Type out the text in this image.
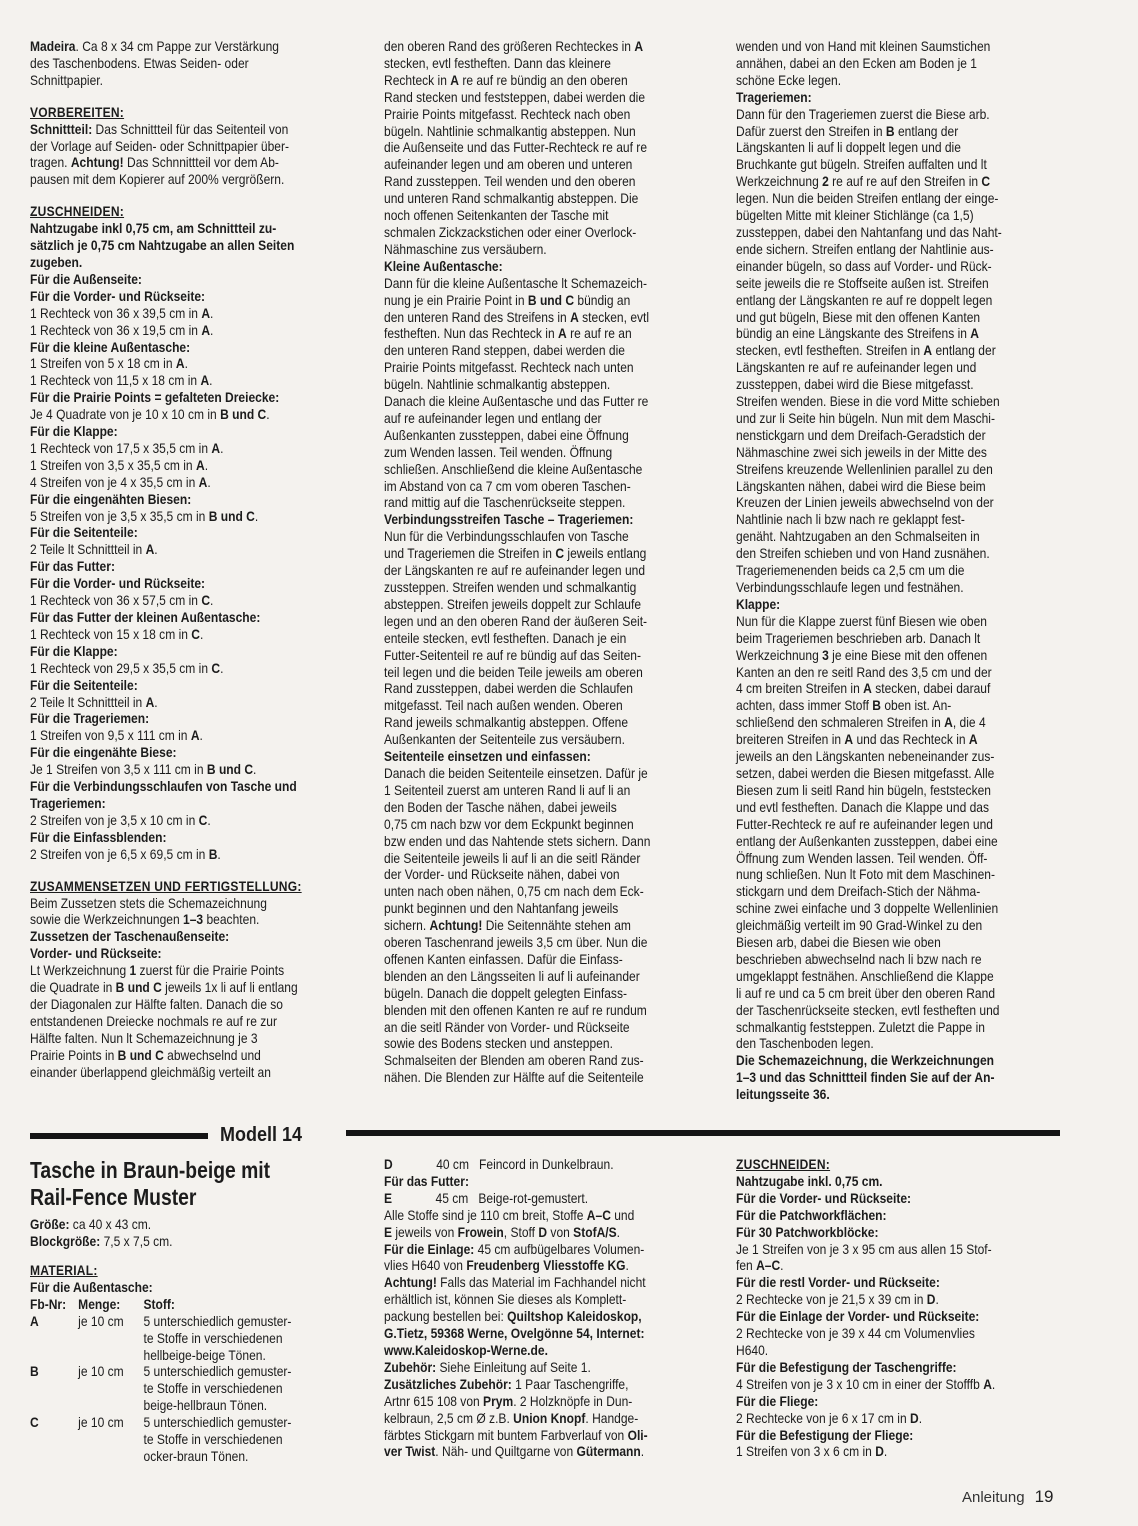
Madeira. Ca 8 x 34 cm Pappe zur Verstärkung

des Taschenbodens. Etwas Seiden- oder

Schnittpapier.

VORBEREITEN:

Schnittteil: Das Schnittteil für das Seitenteil von

der Vorlage auf Seiden- oder Schnittpapier über-

tragen. Achtung! Das Schnnittteil vor dem Ab-

pausen mit dem Kopierer auf 200% vergrößern.

ZUSCHNEIDEN:

Nahtzugabe inkl 0,75 cm, am Schnittteil zu-

sätzlich je 0,75 cm Nahtzugabe an allen Seiten

zugeben.

Für die Außenseite:

Für die Vorder- und Rückseite:

1 Rechteck von 36 x 39,5 cm in A.

1 Rechteck von 36 x 19,5 cm in A.

Für die kleine Außentasche:

1 Streifen von 5 x 18 cm in A.

1 Rechteck von 11,5 x 18 cm in A.

Für die Prairie Points = gefalteten Dreiecke:

Je 4 Quadrate von je 10 x 10 cm in B und C.

Für die Klappe:

1 Rechteck von 17,5 x 35,5 cm in A.

1 Streifen von 3,5 x 35,5 cm in A.

4 Streifen von je 4 x 35,5 cm in A.

Für die eingenähten Biesen:

5 Streifen von je 3,5 x 35,5 cm in B und C.

Für die Seitenteile:

2 Teile lt Schnittteil in A.

Für das Futter:

Für die Vorder- und Rückseite:

1 Rechteck von 36 x 57,5 cm in C.

Für das Futter der kleinen Außentasche:

1 Rechteck von 15 x 18 cm in C.

Für die Klappe:

1 Rechteck von 29,5 x 35,5 cm in C.

Für die Seitenteile:

2 Teile lt Schnittteil in A.

Für die Trageriemen:

1 Streifen von 9,5 x 111 cm in A.

Für die eingenähte Biese:

Je 1 Streifen von 3,5 x 111 cm in B und C.

Für die Verbindungsschlaufen von Tasche und

Trageriemen:

2 Streifen von je 3,5 x 10 cm in C.

Für die Einfassblenden:

2 Streifen von je 6,5 x 69,5 cm in B.

ZUSAMMENSETZEN UND FERTIGSTELLUNG:

Beim Zussetzen stets die Schemazeichnung

sowie die Werkzeichnungen 1–3 beachten.

Zussetzen der Taschenaußenseite:

Vorder- und Rückseite:

Lt Werkzeichnung 1 zuerst für die Prairie Points

die Quadrate in B und C jeweils 1x li auf li entlang

der Diagonalen zur Hälfte falten. Danach die so

entstandenen Dreiecke nochmals re auf re zur

Hälfte falten. Nun lt Schemazeichnung je 3

Prairie Points in B und C abwechselnd und

einander überlappend gleichmäßig verteilt an

den oberen Rand des größeren Rechteckes in A

stecken, evtl festheften. Dann das kleinere

Rechteck in A re auf re bündig an den oberen

Rand stecken und feststeppen, dabei werden die

Prairie Points mitgefasst. Rechteck nach oben

bügeln. Nahtlinie schmalkantig absteppen. Nun

die Außenseite und das Futter-Rechteck re auf re

aufeinander legen und am oberen und unteren

Rand zussteppen. Teil wenden und den oberen

und unteren Rand schmalkantig absteppen. Die

noch offenen Seitenkanten der Tasche mit

schmalen Zickzackstichen oder einer Overlock-

Nähmaschine zus versäubern.

Kleine Außentasche:

Dann für die kleine Außentasche lt Schemazeich-

nung je ein Prairie Point in B und C bündig an

den unteren Rand des Streifens in A stecken, evtl

festheften. Nun das Rechteck in A re auf re an

den unteren Rand steppen, dabei werden die

Prairie Points mitgefasst. Rechteck nach unten

bügeln. Nahtlinie schmalkantig absteppen.

Danach die kleine Außentasche und das Futter re

auf re aufeinander legen und entlang der

Außenkanten zussteppen, dabei eine Öffnung

zum Wenden lassen. Teil wenden. Öffnung

schließen. Anschließend die kleine Außentasche

im Abstand von ca 7 cm vom oberen Taschen-

rand mittig auf die Taschenrückseite steppen.

Verbindungsstreifen Tasche – Trageriemen:

Nun für die Verbindungsschlaufen von Tasche

und Trageriemen die Streifen in C jeweils entlang

der Längskanten re auf re aufeinander legen und

zussteppen. Streifen wenden und schmalkantig

absteppen. Streifen jeweils doppelt zur Schlaufe

legen und an den oberen Rand der äußeren Seit-

enteile stecken, evtl festheften. Danach je ein

Futter-Seitenteil re auf re bündig auf das Seiten-

teil legen und die beiden Teile jeweils am oberen

Rand zussteppen, dabei werden die Schlaufen

mitgefasst. Teil nach außen wenden. Oberen

Rand jeweils schmalkantig absteppen. Offene

Außenkanten der Seitenteile zus versäubern.

Seitenteile einsetzen und einfassen:

Danach die beiden Seitenteile einsetzen. Dafür je

1 Seitenteil zuerst am unteren Rand li auf li an

den Boden der Tasche nähen, dabei jeweils

0,75 cm nach bzw vor dem Eckpunkt beginnen

bzw enden und das Nahtende stets sichern. Dann

die Seitenteile jeweils li auf li an die seitl Ränder

der Vorder- und Rückseite nähen, dabei von

unten nach oben nähen, 0,75 cm nach dem Eck-

punkt beginnen und den Nahtanfang jeweils

sichern. Achtung! Die Seitennähte stehen am

oberen Taschenrand jeweils 3,5 cm über. Nun die

offenen Kanten einfassen. Dafür die Einfass-

blenden an den Längsseiten li auf li aufeinander

bügeln. Danach die doppelt gelegten Einfass-

blenden mit den offenen Kanten re auf re rundum

an die seitl Ränder von Vorder- und Rückseite

sowie des Bodens stecken und ansteppen.

Schmalseiten der Blenden am oberen Rand zus-

nähen. Die Blenden zur Hälfte auf die Seitenteile

wenden und von Hand mit kleinen Saumstichen

annähen, dabei an den Ecken am Boden je 1

schöne Ecke legen.

Trageriemen:

Dann für den Trageriemen zuerst die Biese arb.

Dafür zuerst den Streifen in B entlang der

Längskanten li auf li doppelt legen und die

Bruchkante gut bügeln. Streifen auffalten und lt

Werkzeichnung 2 re auf re auf den Streifen in C

legen. Nun die beiden Streifen entlang der einge-

bügelten Mitte mit kleiner Stichlänge (ca 1,5)

zussteppen, dabei den Nahtanfang und das Naht-

ende sichern. Streifen entlang der Nahtlinie aus-

einander bügeln, so dass auf Vorder- und Rück-

seite jeweils die re Stoffseite außen ist. Streifen

entlang der Längskanten re auf re doppelt legen

und gut bügeln, Biese mit den offenen Kanten

bündig an eine Längskante des Streifens in A

stecken, evtl festheften. Streifen in A entlang der

Längskanten re auf re aufeinander legen und

zussteppen, dabei wird die Biese mitgefasst.

Streifen wenden. Biese in die vord Mitte schieben

und zur li Seite hin bügeln. Nun mit dem Maschi-

nenstickgarn und dem Dreifach-Geradstich der

Nähmaschine zwei sich jeweils in der Mitte des

Streifens kreuzende Wellenlinien parallel zu den

Längskanten nähen, dabei wird die Biese beim

Kreuzen der Linien jeweils abwechselnd von der

Nahtlinie nach li bzw nach re geklappt fest-

genäht. Nahtzugaben an den Schmalseiten in

den Streifen schieben und von Hand zusnähen.

Trageriemenenden beids ca 2,5 cm um die

Verbindungsschlaufe legen und festnähen.

Klappe:

Nun für die Klappe zuerst fünf Biesen wie oben

beim Trageriemen beschrieben arb. Danach lt

Werkzeichnung 3 je eine Biese mit den offenen

Kanten an den re seitl Rand des 3,5 cm und der

4 cm breiten Streifen in A stecken, dabei darauf

achten, dass immer Stoff B oben ist. An-

schließend den schmaleren Streifen in A, die 4

breiteren Streifen in A und das Rechteck in A

jeweils an den Längskanten nebeneinander zus-

setzen, dabei werden die Biesen mitgefasst. Alle

Biesen zum li seitl Rand hin bügeln, feststecken

und evtl festheften. Danach die Klappe und das

Futter-Rechteck re auf re aufeinander legen und

entlang der Außenkanten zussteppen, dabei eine

Öffnung zum Wenden lassen. Teil wenden. Öff-

nung schließen. Nun lt Foto mit dem Maschinen-

stickgarn und dem Dreifach-Stich der Nähma-

schine zwei einfache und 3 doppelte Wellenlinien

gleichmäßig verteilt im 90 Grad-Winkel zu den

Biesen arb, dabei die Biesen wie oben

beschrieben abwechselnd nach li bzw nach re

umgeklappt festnähen. Anschließend die Klappe

li auf re und ca 5 cm breit über den oberen Rand

der Taschenrückseite stecken, evtl festheften und

schmalkantig feststeppen. Zuletzt die Pappe in

den Taschenboden legen.

Die Schemazeichnung, die Werkzeichnungen

1–3 und das Schnittteil finden Sie auf der An-

leitungsseite 36.

Modell 14
Tasche in Braun-beige mit
Rail-Fence Muster

Größe: ca 40 x 43 cm.

Blockgröße: 7,5 x 7,5 cm.

MATERIAL:

Für die Außentasche:

Fb-Nr:	Menge:	Stoff:
A	je 10 cm	5 unterschiedlich gemuster-
		te Stoffe in verschiedenen
		hellbeige-beige Tönen.
B	je 10 cm	5 unterschiedlich gemuster-
		te Stoffe in verschiedenen
		beige-hellbraun Tönen.
C	je 10 cm	5 unterschiedlich gemuster-
		te Stoffe in verschiedenen
		ocker-braun Tönen.

D             40 cm   Feincord in Dunkelbraun.

Für das Futter:

E             45 cm   Beige-rot-gemustert.

Alle Stoffe sind je 110 cm breit, Stoffe A–C und

E jeweils von Frowein, Stoff D von StofA/S.

Für die Einlage: 45 cm aufbügelbares Volumen-

vlies H640 von Freudenberg Vliesstoffe KG.

Achtung! Falls das Material im Fachhandel nicht

erhältlich ist, können Sie dieses als Komplett-

packung bestellen bei: Quiltshop Kaleidoskop,

G.Tietz, 59368 Werne, Ovelgönne 54, Internet:

www.Kaleidoskop-Werne.de.

Zubehör: Siehe Einleitung auf Seite 1.

Zusätzliches Zubehör: 1 Paar Taschengriffe,

Artnr 615 108 von Prym. 2 Holzknöpfe in Dun-

kelbraun, 2,5 cm Ø z.B. Union Knopf. Handge-

färbtes Stickgarn mit buntem Farbverlauf von Oli-

ver Twist. Näh- und Quiltgarne von Gütermann.

ZUSCHNEIDEN:

Nahtzugabe inkl. 0,75 cm.

Für die Vorder- und Rückseite:

Für die Patchworkflächen:

Für 30 Patchworkblöcke:

Je 1 Streifen von je 3 x 95 cm aus allen 15 Stof-

fen A–C.

Für die restl Vorder- und Rückseite:

2 Rechtecke von je 21,5 x 39 cm in D.

Für die Einlage der Vorder- und Rückseite:

2 Rechtecke von je 39 x 44 cm Volumenvlies

H640.

Für die Befestigung der Taschengriffe:

4 Streifen von je 3 x 10 cm in einer der Stofffb A.

Für die Fliege:

2 Rechtecke von je 6 x 17 cm in D.

Für die Befestigung der Fliege:

1 Streifen von 3 x 6 cm in D.

Anleitung 19
